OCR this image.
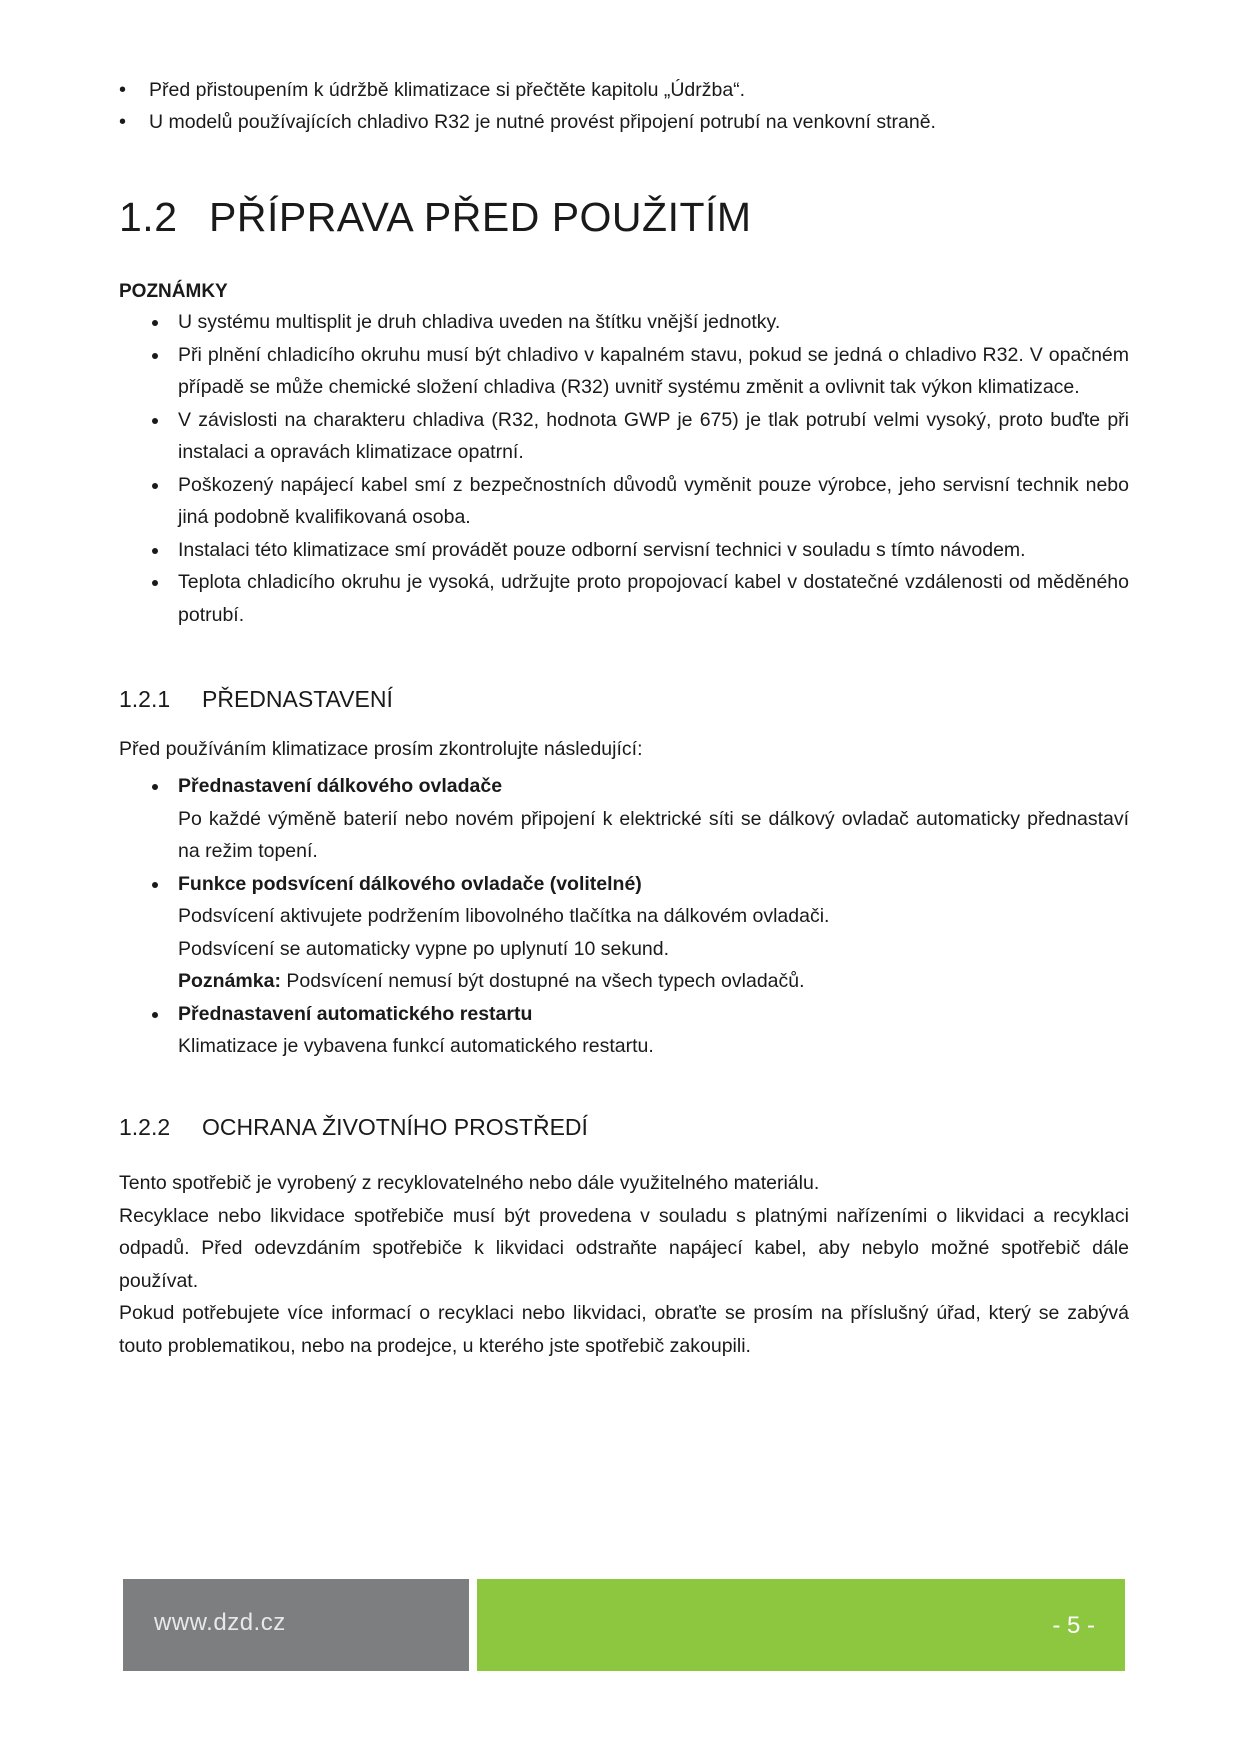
• Před přistoupením k údržbě klimatizace si přečtěte kapitolu „Údržba“.
• U modelů používajících chladivo R32 je nutné provést připojení potrubí na venkovní straně.
1.2 PŘÍPRAVA PŘED POUŽITÍM

POZNÁMKY

U systému multisplit je druh chladiva uveden na štítku vnější jednotky.
Při plnění chladicího okruhu musí být chladivo v kapalném stavu, pokud se jedná o chladivo R32. V opačném případě se může chemické složení chladiva (R32) uvnitř systému změnit a ovlivnit tak výkon klimatizace.
V závislosti na charakteru chladiva (R32, hodnota GWP je 675) je tlak potrubí velmi vysoký, proto buďte při instalaci a opravách klimatizace opatrní.
Poškozený napájecí kabel smí z bezpečnostních důvodů vyměnit pouze výrobce, jeho servisní technik nebo jiná podobně kvalifikovaná osoba.
Instalaci této klimatizace smí provádět pouze odborní servisní technici v souladu s tímto návodem.
Teplota chladicího okruhu je vysoká, udržujte proto propojovací kabel v dostatečné vzdálenosti od měděného potrubí.
1.2.1 PŘEDNASTAVENÍ

Před používáním klimatizace prosím zkontrolujte následující:

Přednastavení dálkového ovladače
Po každé výměně baterií nebo novém připojení k elektrické síti se dálkový ovladač automaticky přednastaví na režim topení.
Funkce podsvícení dálkového ovladače (volitelné)
Podsvícení aktivujete podržením libovolného tlačítka na dálkovém ovladači.
Podsvícení se automaticky vypne po uplynutí 10 sekund.
Poznámka: Podsvícení nemusí být dostupné na všech typech ovladačů.
Přednastavení automatického restartu
Klimatizace je vybavena funkcí automatického restartu.
1.2.2 OCHRANA ŽIVOTNÍHO PROSTŘEDÍ

Tento spotřebič je vyrobený z recyklovatelného nebo dále využitelného materiálu.

Recyklace nebo likvidace spotřebiče musí být provedena v souladu s platnými nařízeními o likvidaci a recyklaci odpadů. Před odevzdáním spotřebiče k likvidaci odstraňte napájecí kabel, aby nebylo možné spotřebič dále používat.

Pokud potřebujete více informací o recyklaci nebo likvidaci, obraťte se prosím na příslušný úřad, který se zabývá touto problematikou, nebo na prodejce, u kterého jste spotřebič zakoupili.

www.dzd.cz	- 5 -
